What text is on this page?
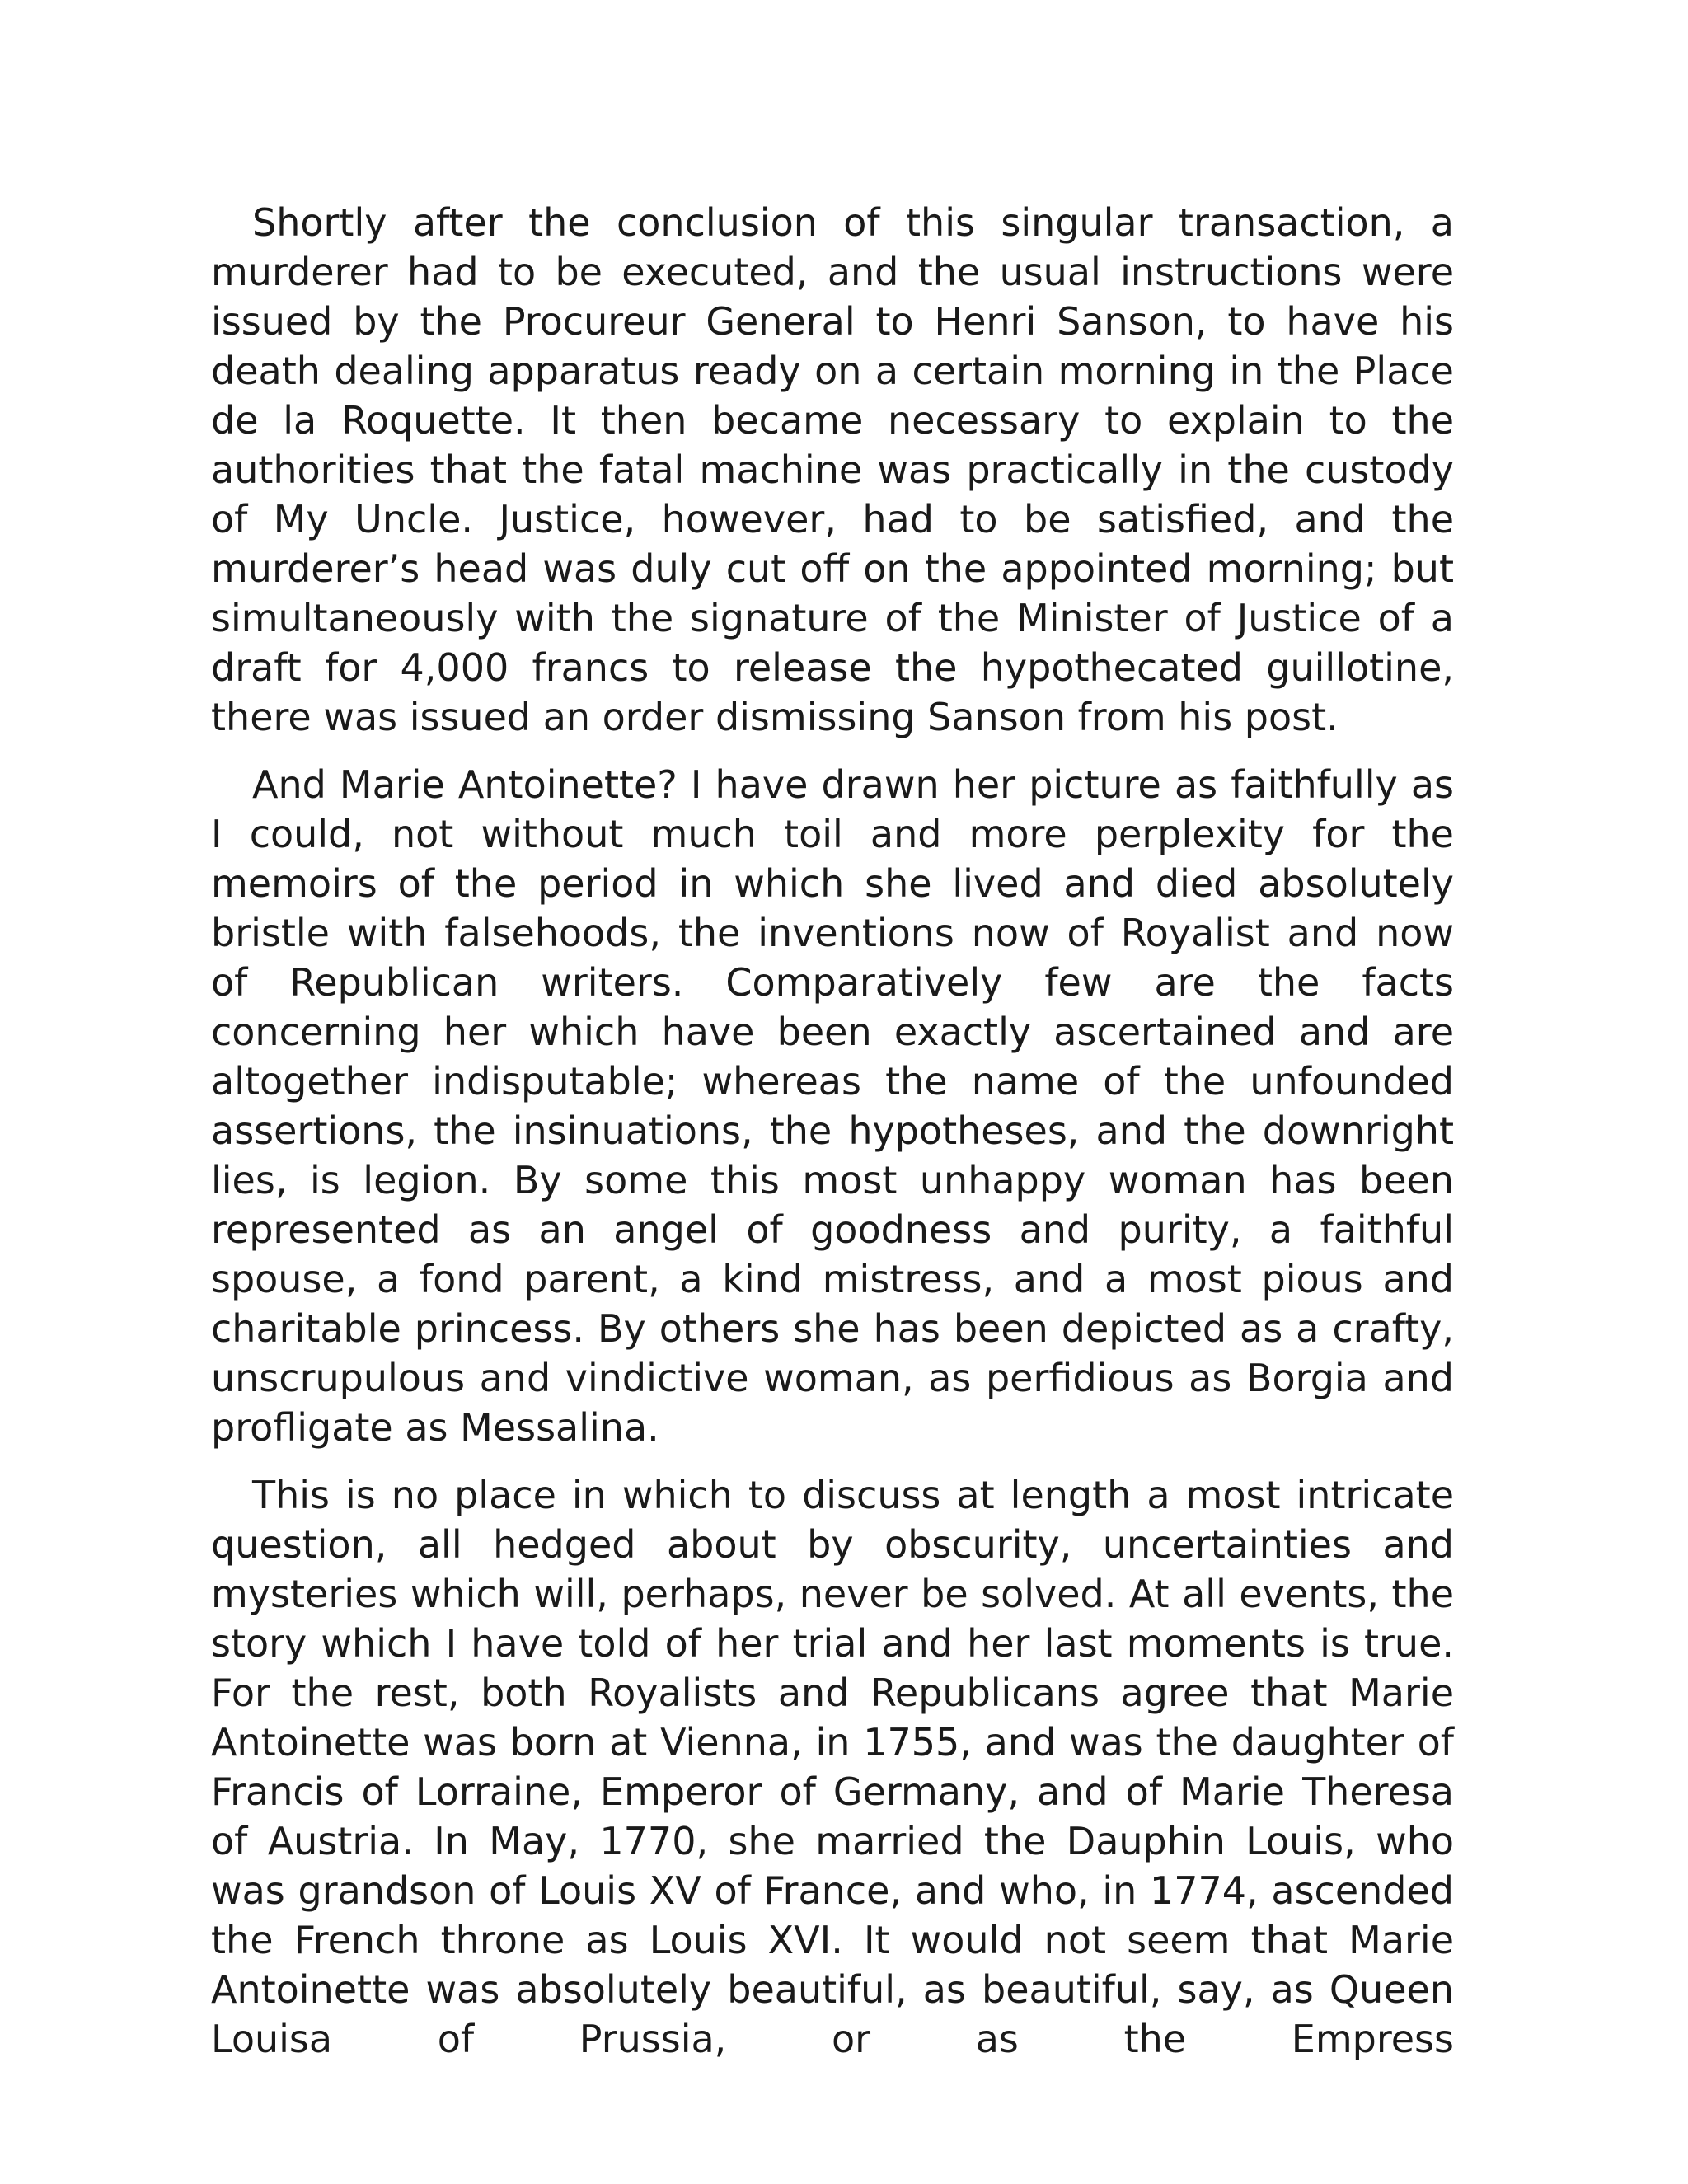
Shortly after the conclusion of this singular transaction, a murderer had to be executed, and the usual instructions were issued by the Procureur General to Henri Sanson, to have his death dealing apparatus ready on a certain morning in the Place de la Roquette. It then became necessary to explain to the authorities that the fatal machine was practically in the custody of My Uncle. Justice, however, had to be satisfied, and the murderer’s head was duly cut off on the appointed morning; but simultaneously with the signature of the Minister of Justice of a draft for 4,000 francs to release the hypothecated guillotine, there was issued an order dismissing Sanson from his post.

And Marie Antoinette? I have drawn her picture as faithfully as I could, not without much toil and more perplexity for the memoirs of the period in which she lived and died absolutely bristle with falsehoods, the inventions now of Royalist and now of Republican writers. Comparatively few are the facts concerning her which have been exactly ascertained and are altogether indisputable; whereas the name of the unfounded assertions, the insinuations, the hypotheses, and the downright lies, is legion. By some this most unhappy woman has been represented as an angel of goodness and purity, a faithful spouse, a fond parent, a kind mistress, and a most pious and charitable princess. By others she has been depicted as a crafty, unscrupulous and vindictive woman, as perfidious as Borgia and profligate as Messalina.

This is no place in which to discuss at length a most intricate question, all hedged about by obscurity, uncertainties and mysteries which will, perhaps, never be solved. At all events, the story which I have told of her trial and her last moments is true. For the rest, both Royalists and Republicans agree that Marie Antoinette was born at Vienna, in 1755, and was the daughter of Francis of Lorraine, Emperor of Germany, and of Marie Theresa of Austria. In May, 1770, she married the Dauphin Louis, who was grandson of Louis XV of France, and who, in 1774, ascended the French throne as Louis XVI. It would not seem that Marie Antoinette was absolutely beautiful, as beautiful, say, as Queen Louisa of Prussia, or as the Empress
